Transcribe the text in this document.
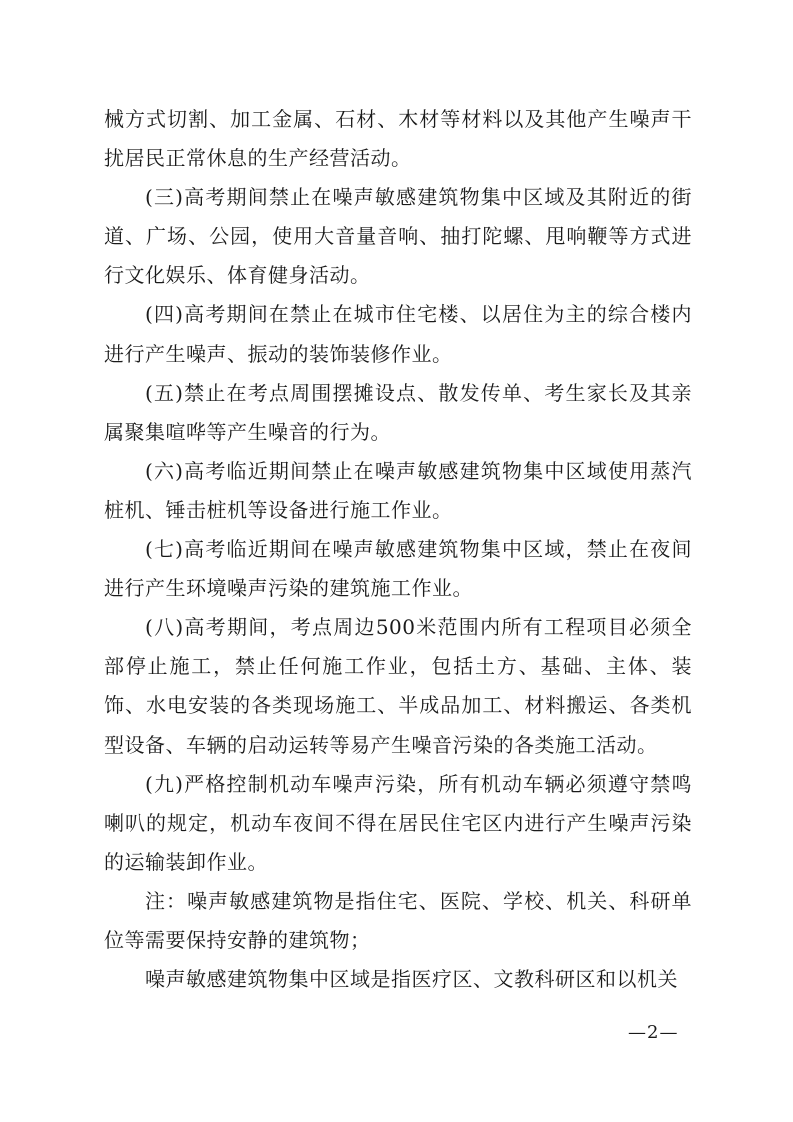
械方式切割、加工金属、石材、木材等材料以及其他产生噪声干扰居民正常休息的生产经营活动。

(三)高考期间禁止在噪声敏感建筑物集中区域及其附近的街道、广场、公园，使用大音量音响、抽打陀螺、甩响鞭等方式进行文化娱乐、体育健身活动。

(四)高考期间在禁止在城市住宅楼、以居住为主的综合楼内进行产生噪声、振动的装饰装修作业。

(五)禁止在考点周围摆摊设点、散发传单、考生家长及其亲属聚集喧哗等产生噪音的行为。

(六)高考临近期间禁止在噪声敏感建筑物集中区域使用蒸汽桩机、锤击桩机等设备进行施工作业。

(七)高考临近期间在噪声敏感建筑物集中区域，禁止在夜间进行产生环境噪声污染的建筑施工作业。

(八)高考期间，考点周边500米范围内所有工程项目必须全部停止施工，禁止任何施工作业，包括土方、基础、主体、装饰、水电安装的各类现场施工、半成品加工、材料搬运、各类机型设备、车辆的启动运转等易产生噪音污染的各类施工活动。

(九)严格控制机动车噪声污染，所有机动车辆必须遵守禁鸣喇叭的规定，机动车夜间不得在居民住宅区内进行产生噪声污染的运输装卸作业。

注：噪声敏感建筑物是指住宅、医院、学校、机关、科研单位等需要保持安静的建筑物；

噪声敏感建筑物集中区域是指医疗区、文教科研区和以机关

—2—
